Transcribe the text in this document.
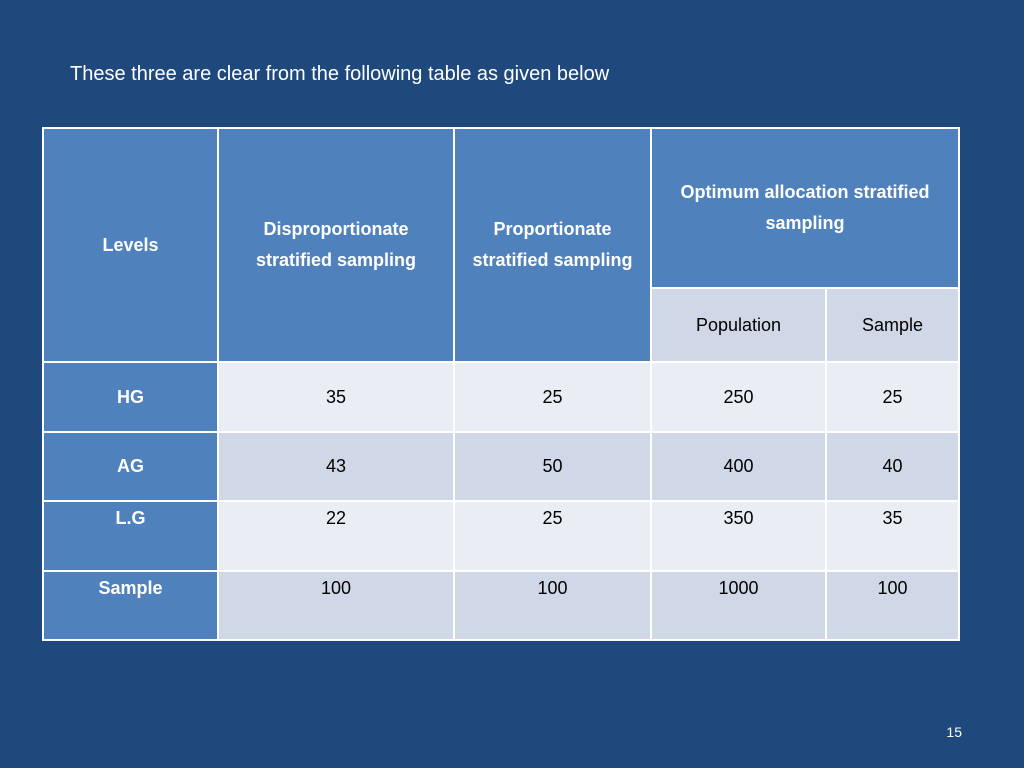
These three are clear from the following table as given below
Levels	Disproportionate stratified sampling	Proportionate stratified sampling	Optimum allocation stratified sampling	
			Population	Sample
HG	35	25	250	25
AG	43	50	400	40
L.G	22	25	350	35
Sample	100	100	1000	100
15
